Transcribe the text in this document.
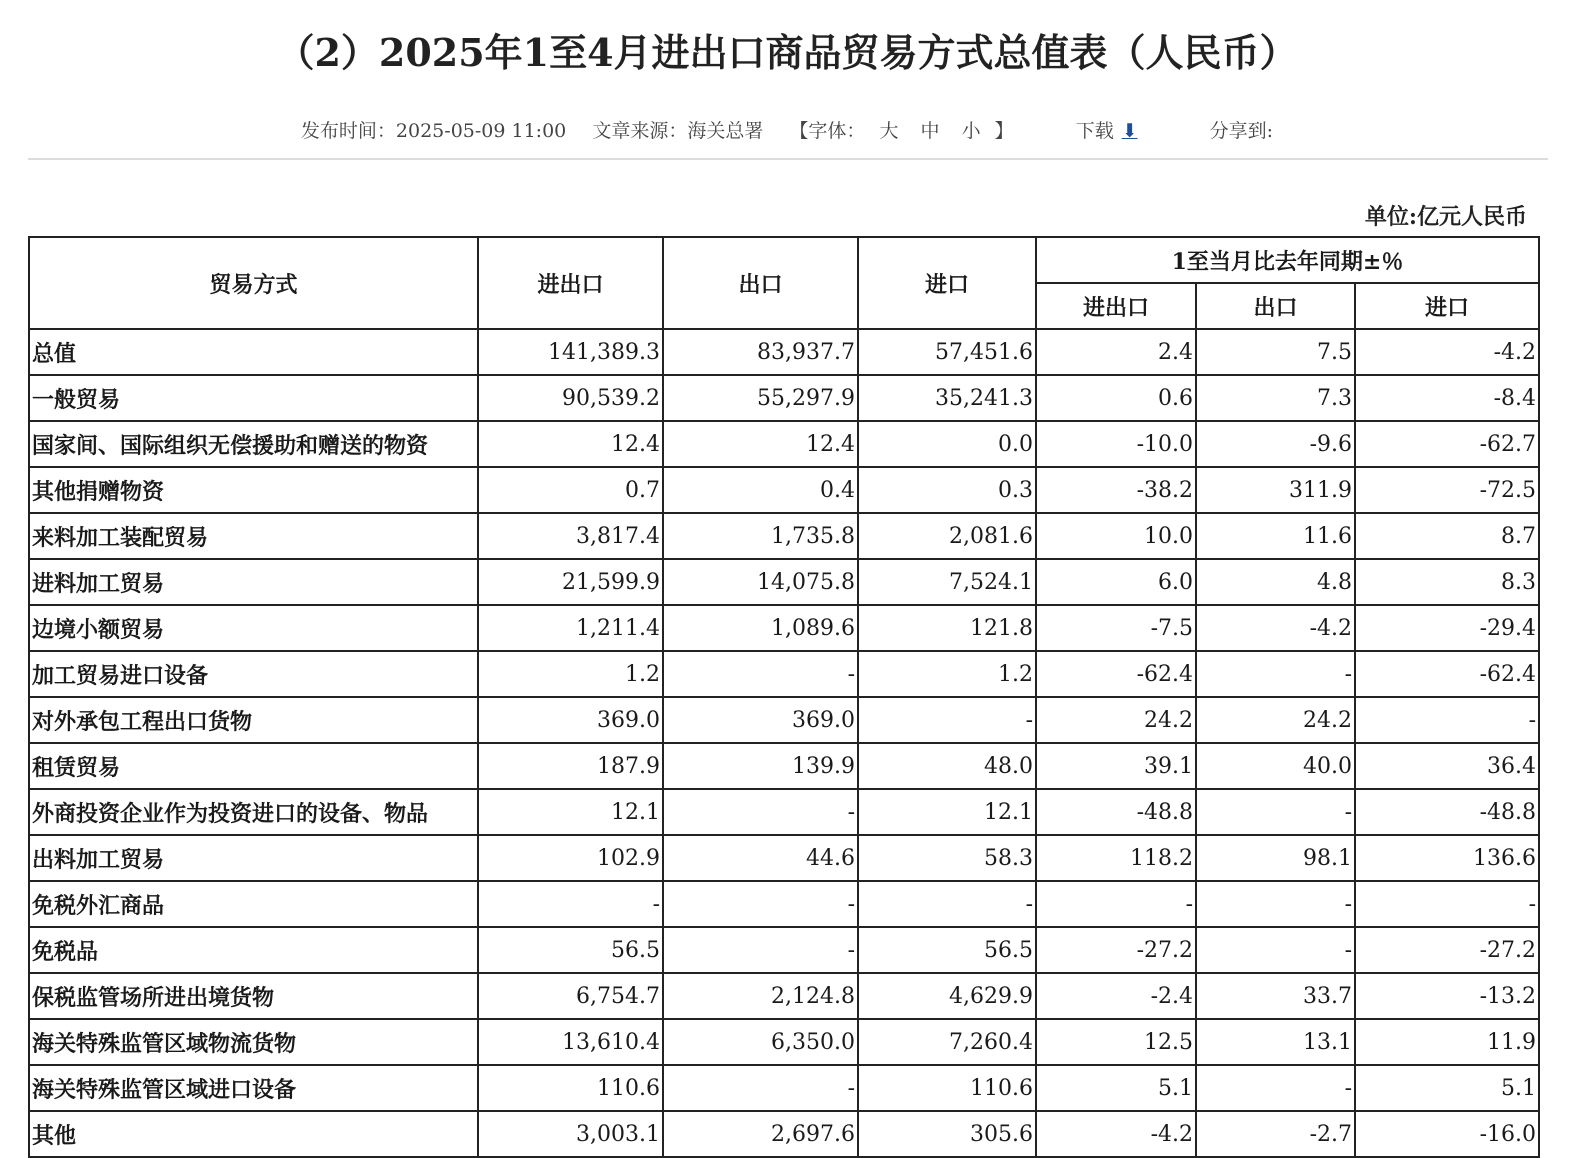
（2）2025年1至4月进出口商品贸易方式总值表（人民币）
发布时间：2025-05-09 11:00 文章来源：海关总署 【字体： 大 中 小 】	下载 ⬇	分享到:
单位:亿元人民币
贸易方式	进出口	出口	进口	1至当月比去年同期±％		
				进出口	出口	进口
总值	141,389.3	83,937.7	57,451.6	2.4	7.5	-4.2
一般贸易	90,539.2	55,297.9	35,241.3	0.6	7.3	-8.4
国家间、国际组织无偿援助和赠送的物资	12.4	12.4	0.0	-10.0	-9.6	-62.7
其他捐赠物资	0.7	0.4	0.3	-38.2	311.9	-72.5
来料加工装配贸易	3,817.4	1,735.8	2,081.6	10.0	11.6	8.7
进料加工贸易	21,599.9	14,075.8	7,524.1	6.0	4.8	8.3
边境小额贸易	1,211.4	1,089.6	121.8	-7.5	-4.2	-29.4
加工贸易进口设备	1.2	-	1.2	-62.4	-	-62.4
对外承包工程出口货物	369.0	369.0	-	24.2	24.2	-
租赁贸易	187.9	139.9	48.0	39.1	40.0	36.4
外商投资企业作为投资进口的设备、物品	12.1	-	12.1	-48.8	-	-48.8
出料加工贸易	102.9	44.6	58.3	118.2	98.1	136.6
免税外汇商品	-	-	-	-	-	-
免税品	56.5	-	56.5	-27.2	-	-27.2
保税监管场所进出境货物	6,754.7	2,124.8	4,629.9	-2.4	33.7	-13.2
海关特殊监管区域物流货物	13,610.4	6,350.0	7,260.4	12.5	13.1	11.9
海关特殊监管区域进口设备	110.6	-	110.6	5.1	-	5.1
其他	3,003.1	2,697.6	305.6	-4.2	-2.7	-16.0
